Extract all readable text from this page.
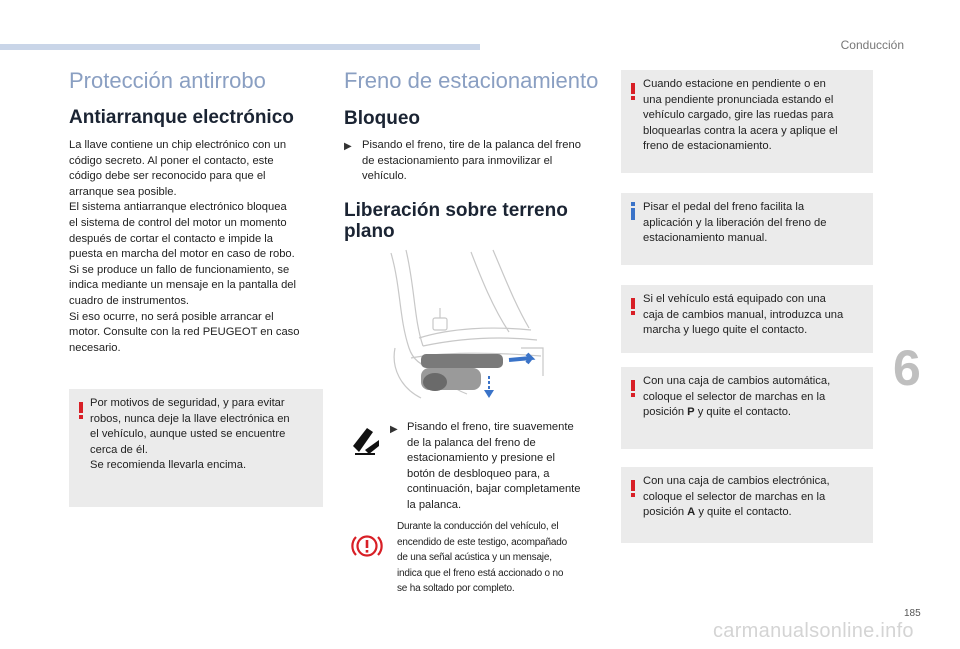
Conducción
6
185
carmanualsonline.info
Protección antirrobo
Antiarranque electrónico
La llave contiene un chip electrónico con un
código secreto. Al poner el contacto, este
código debe ser reconocido para que el
arranque sea posible.
El sistema antiarranque electrónico bloquea
el sistema de control del motor un momento
después de cortar el contacto e impide la
puesta en marcha del motor en caso de robo.
Si se produce un fallo de funcionamiento, se
indica mediante un mensaje en la pantalla del
cuadro de instrumentos.
Si eso ocurre, no será posible arrancar el
motor. Consulte con la red PEUGEOT en caso
necesario.
Por motivos de seguridad, y para evitar
robos, nunca deje la llave electrónica en
el vehículo, aunque usted se encuentre
cerca de él.
Se recomienda llevarla encima.
Freno de estacionamiento
Bloqueo
▶ Pisando el freno, tire de la palanca del freno
de estacionamiento para inmovilizar el
vehículo.
Liberación sobre terreno
plano
▶ Pisando el freno, tire suavemente
de la palanca del freno de
estacionamiento y presione el
botón de desbloqueo para, a
continuación, bajar completamente
la palanca.
Durante la conducción del vehículo, el
encendido de este testigo, acompañado
de una señal acústica y un mensaje,
indica que el freno está accionado o no
se ha soltado por completo.
Cuando estacione en pendiente o en
una pendiente pronunciada estando el
vehículo cargado, gire las ruedas para
bloquearlas contra la acera y aplique el
freno de estacionamiento.
Pisar el pedal del freno facilita la
aplicación y la liberación del freno de
estacionamiento manual.
Si el vehículo está equipado con una
caja de cambios manual, introduzca una
marcha y luego quite el contacto.
Con una caja de cambios automática,
coloque el selector de marchas en la
posición P y quite el contacto.
Con una caja de cambios electrónica,
coloque el selector de marchas en la
posición A y quite el contacto.
